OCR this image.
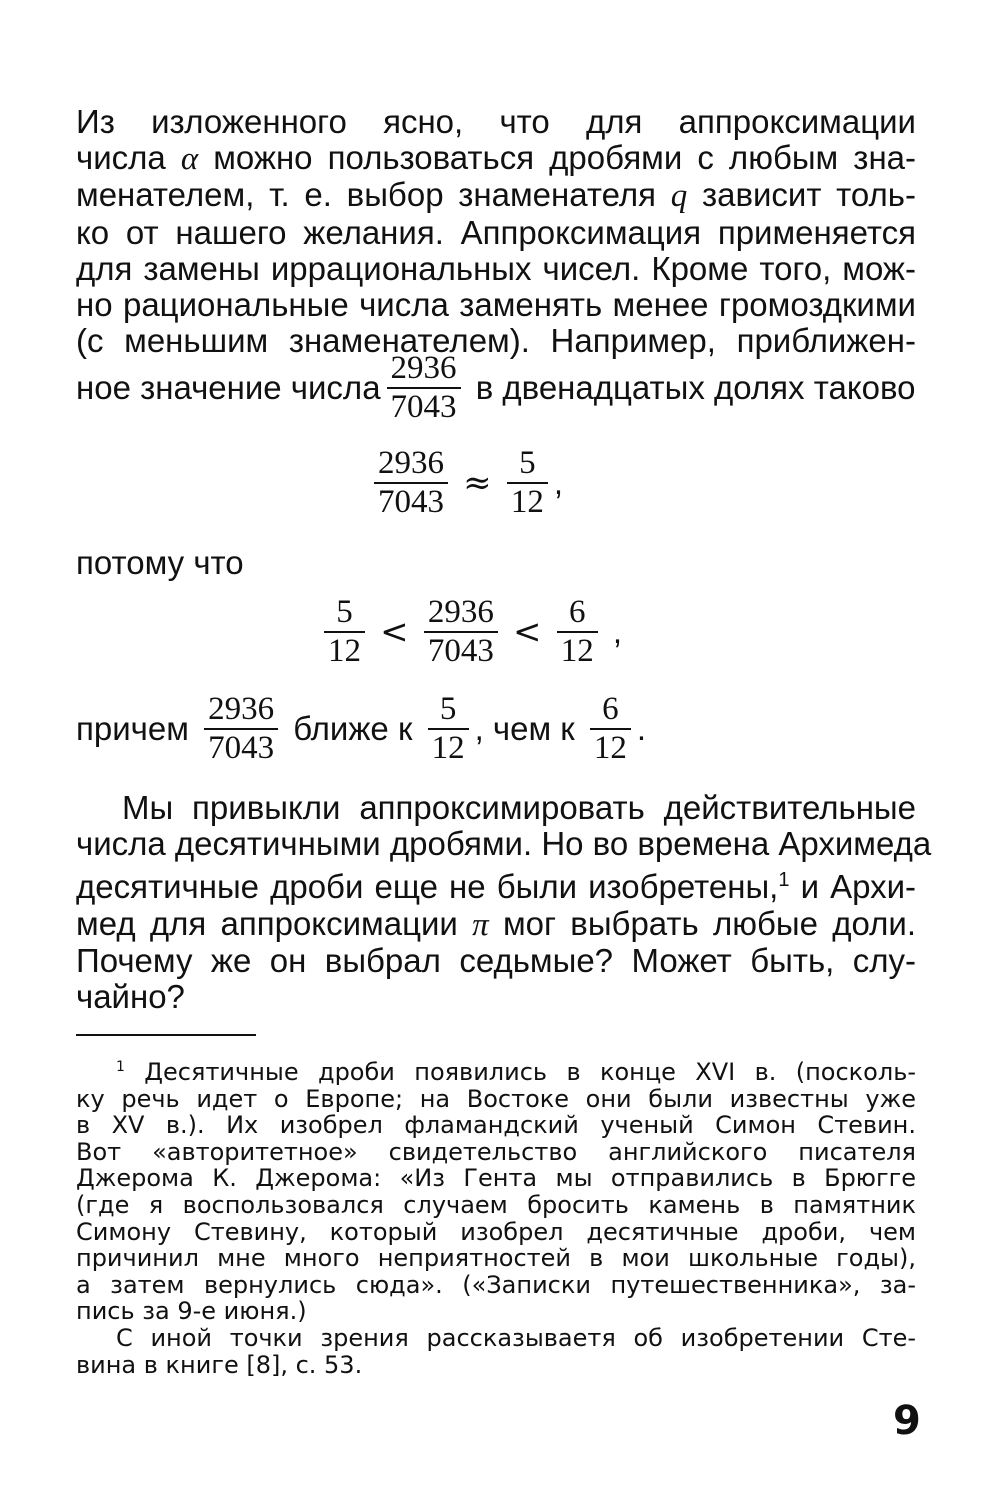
Из изложенного ясно, что для аппроксимации
числа α можно пользоваться дробями с любым зна-
менателем, т. е. выбор знаменателя q зависит толь-
ко от нашего желания. Аппроксимация применяется
для замены иррациональных чисел. Кроме того, мож-
но рациональные числа заменять менее громоздкими
(с меньшим знаменателем). Например, приближен-
ное значение числа $\frac{2936}{7043}$ в двенадцатых долях таково
$\frac{2936}{7043} \approx \frac{5}{12}$ ,
потому что
$\frac{5}{12} < \frac{2936}{7043} < \frac{6}{12}$ ,
причем $\frac{2936}{7043}$ ближе к $\frac{5}{12}$ , чем к $\frac{6}{12}$ .
Мы привыкли аппроксимировать действительные
числа десятичными дробями. Но во времена Архимеда
десятичные дроби еще не были изобретены,$^1$ и Архи-
мед для аппроксимации π мог выбрать любые доли.
Почему же он выбрал седьмые? Может быть, слу-
чайно?
$^1$ Десятичные дроби появились в конце XVI в. (посколь-
ку речь идет о Европе; на Востоке они были известны уже
в XV в.). Их изобрел фламандский ученый Симон Стевин.
Вот «авторитетное» свидетельство английского писателя
Джерома К. Джерома: «Из Гента мы отправились в Брюгге
(где я воспользовался случаем бросить камень в памятник
Симону Стевину, который изобрел десятичные дроби, чем
причинил мне много неприятностей в мои школьные годы),
а затем вернулись сюда». («Записки путешественника», за-
пись за 9-е июня.)
С иной точки зрения рассказываетя об изобретении Сте-
вина в книге [8], с. 53.
9
